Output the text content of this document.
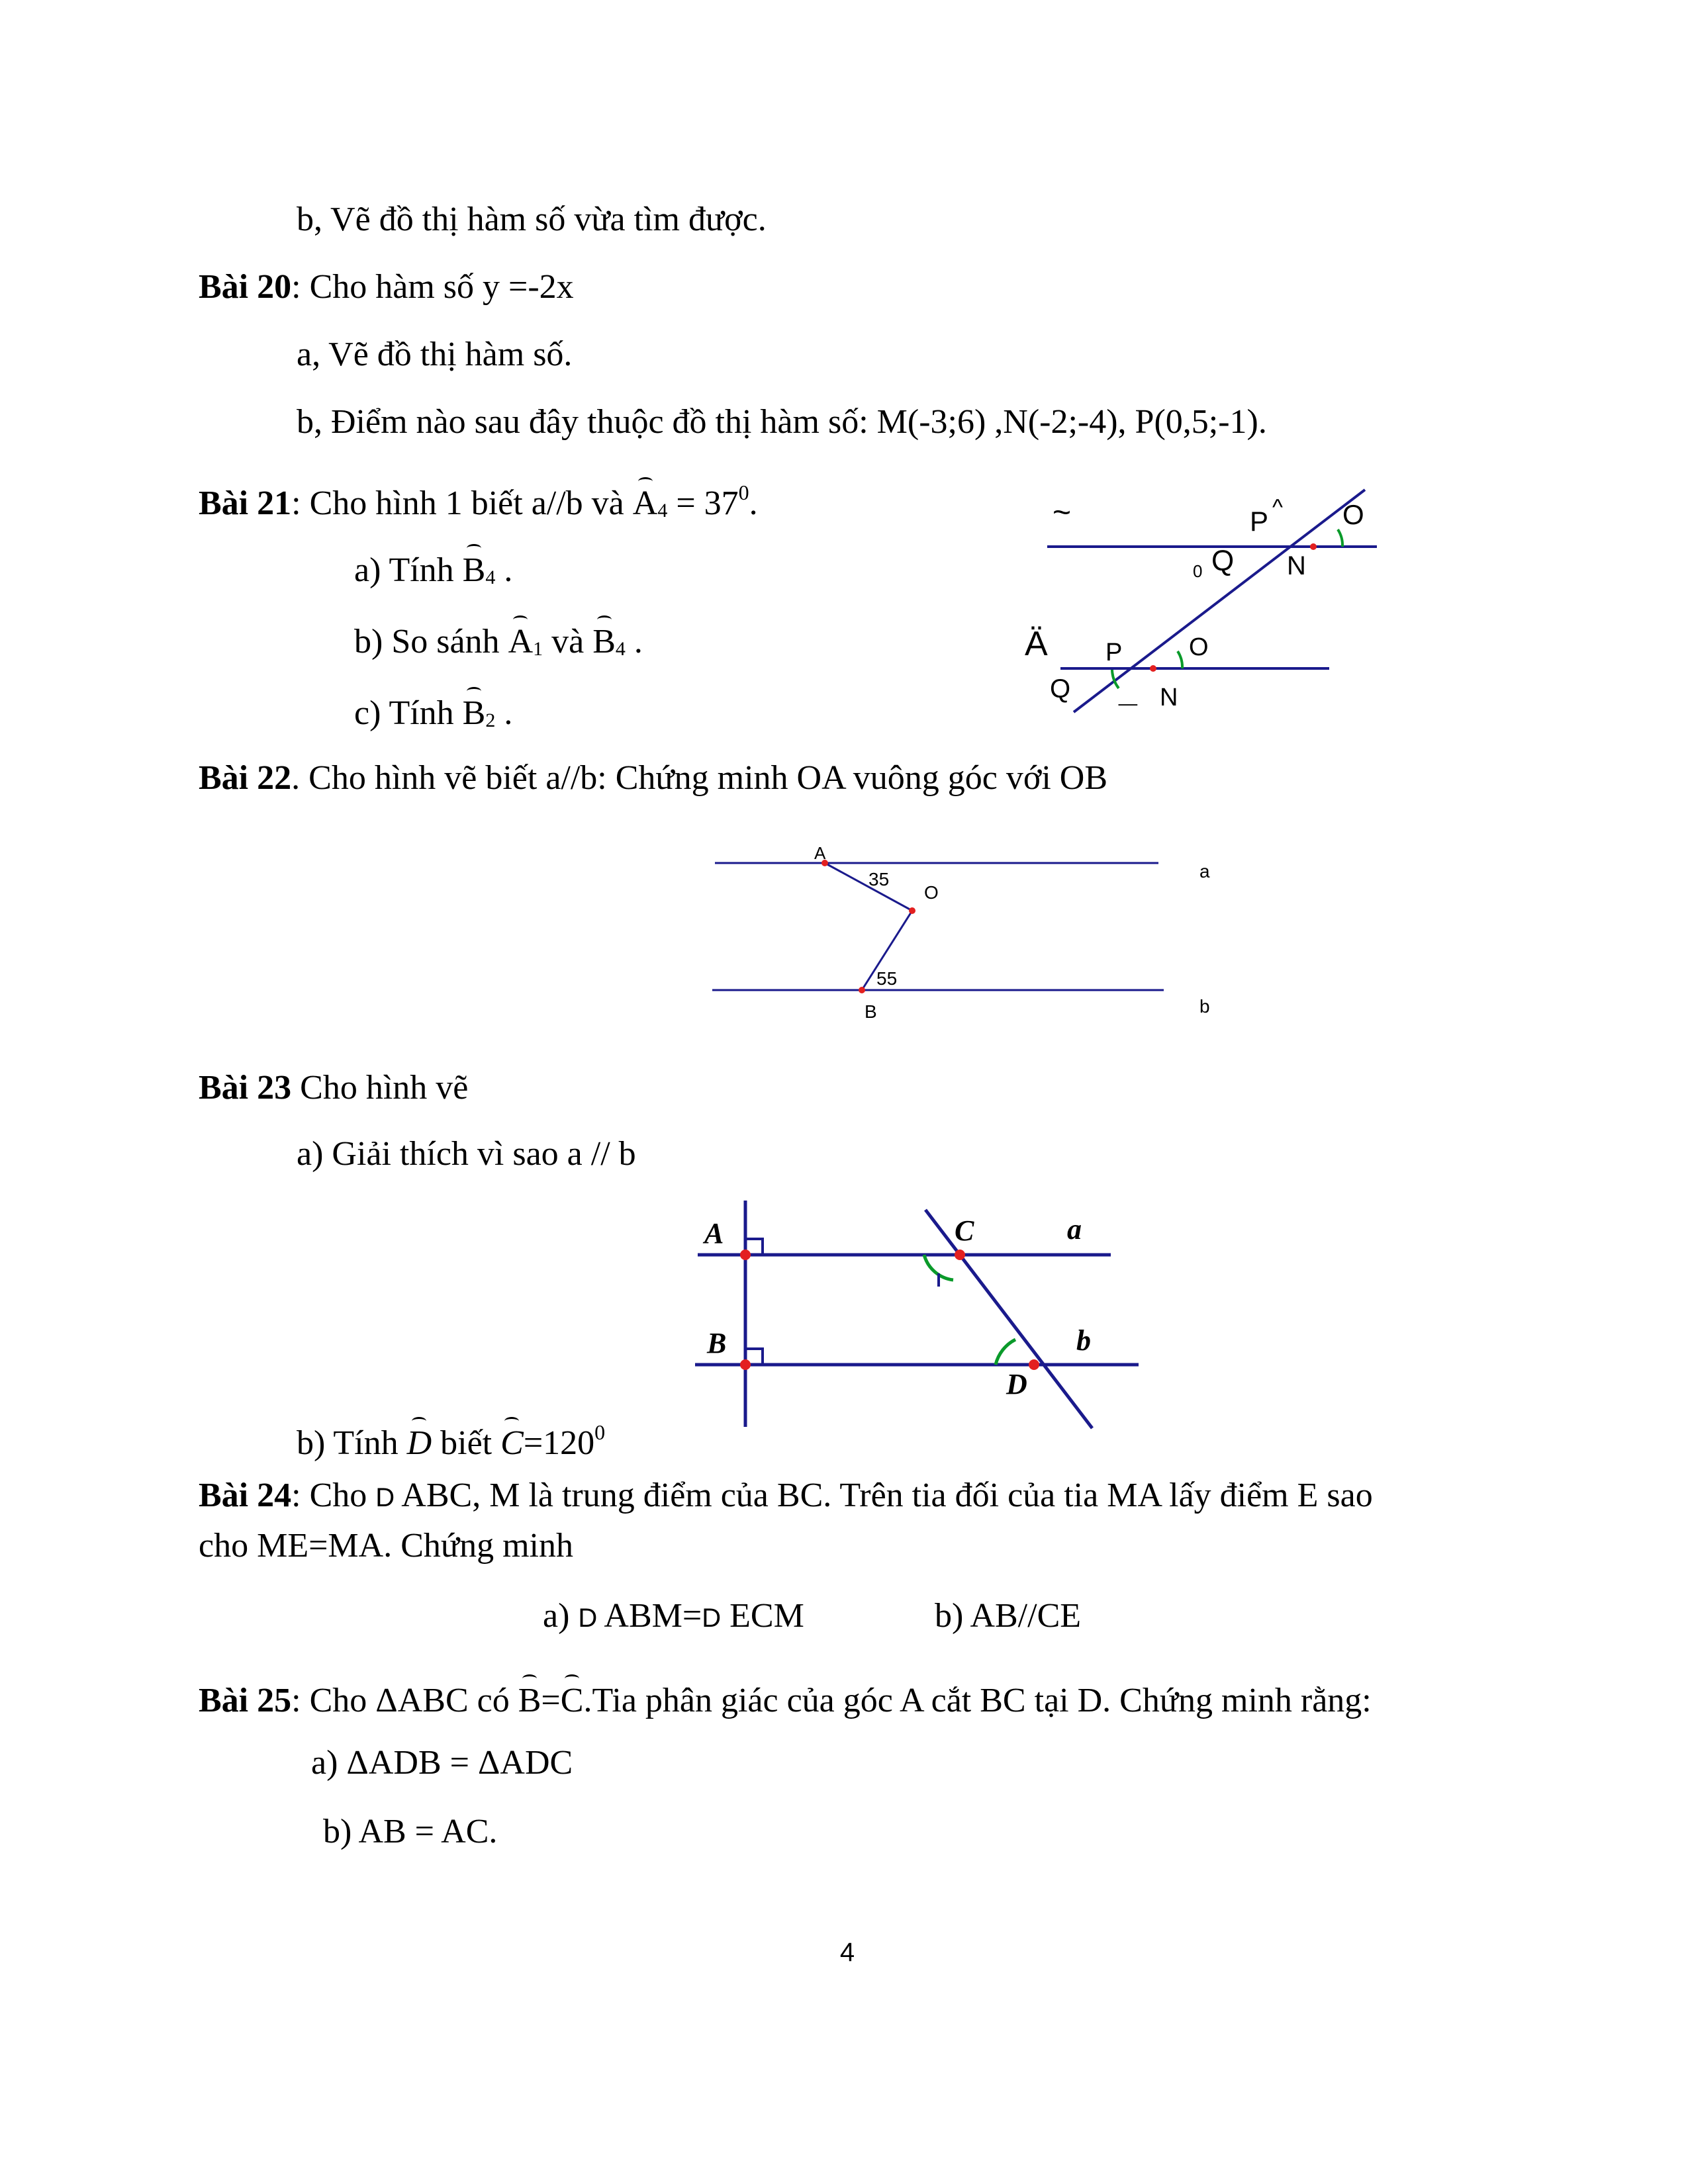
b, Vẽ đồ thị hàm số vừa tìm được.
Bài 20: Cho hàm số y =-2x
a, Vẽ đồ thị hàm số.
b, Điểm nào sau đây thuộc đồ thị hàm số: M(-3;6) ,N(-2;-4), P(0,5;-1).
Bài 21: Cho hình 1 biết a//b và $A4 = 37^0$.
a) Tính B4 .
b) So sánh A1 và B4 .
c) Tính B2 .
~	P ^ O
0 Q N
Ä P	O
Q _ N
Bài 22. Cho hình vẽ biết a//b: Chứng minh OA vuông góc với OB
A
35
O
a
55
B	b
Bài 23 Cho hình vẽ
a) Giải thích vì sao a // b
A	C	a
B	b
D
b) Tính D biết $C=120^0$
Bài 24: Cho D ABC, M là trung điểm của BC. Trên tia đối của tia MA lấy điểm E sao
cho ME=MA. Chứng minh
a) D ABM=D ECM	b) AB//CE
Bài 25: Cho ΔABC có B=C.Tia phân giác của góc A cắt BC tại D. Chứng minh rằng:
a) ΔADB = ΔADC
b) AB = AC.
4
